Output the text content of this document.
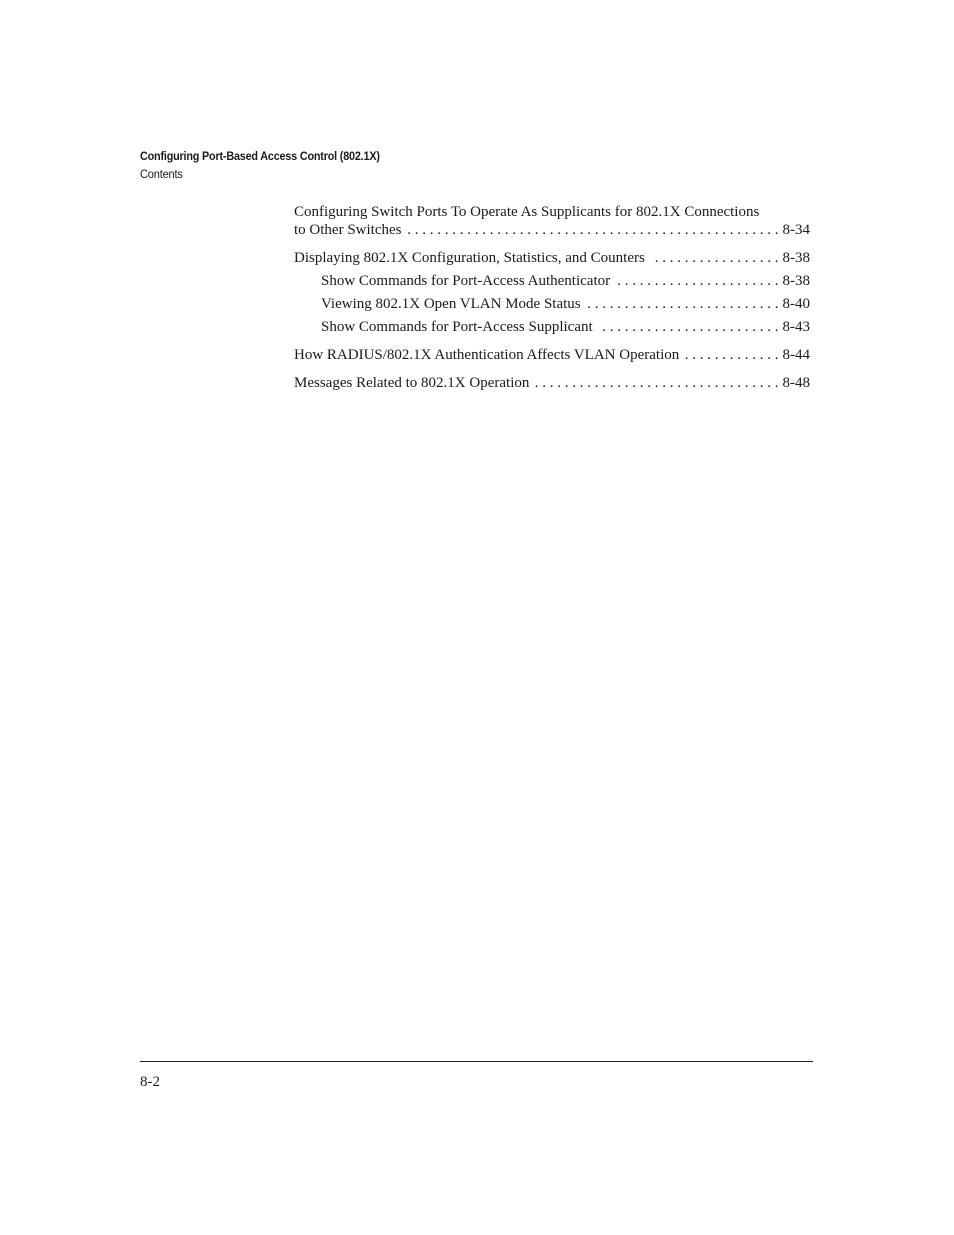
Configuring Port-Based Access Control (802.1X)
Contents
Configuring Switch Ports To Operate As Supplicants for 802.1X Connections
to Other Switches . . .	8-34
Displaying 802.1X Configuration, Statistics, and Counters . . .	8-38
Show Commands for Port-Access Authenticator . . .	8-38
Viewing 802.1X Open VLAN Mode Status . . .	8-40
Show Commands for Port-Access Supplicant . . .	8-43
How RADIUS/802.1X Authentication Affects VLAN Operation . . .	8-44
Messages Related to 802.1X Operation . . .	8-48
8-2
